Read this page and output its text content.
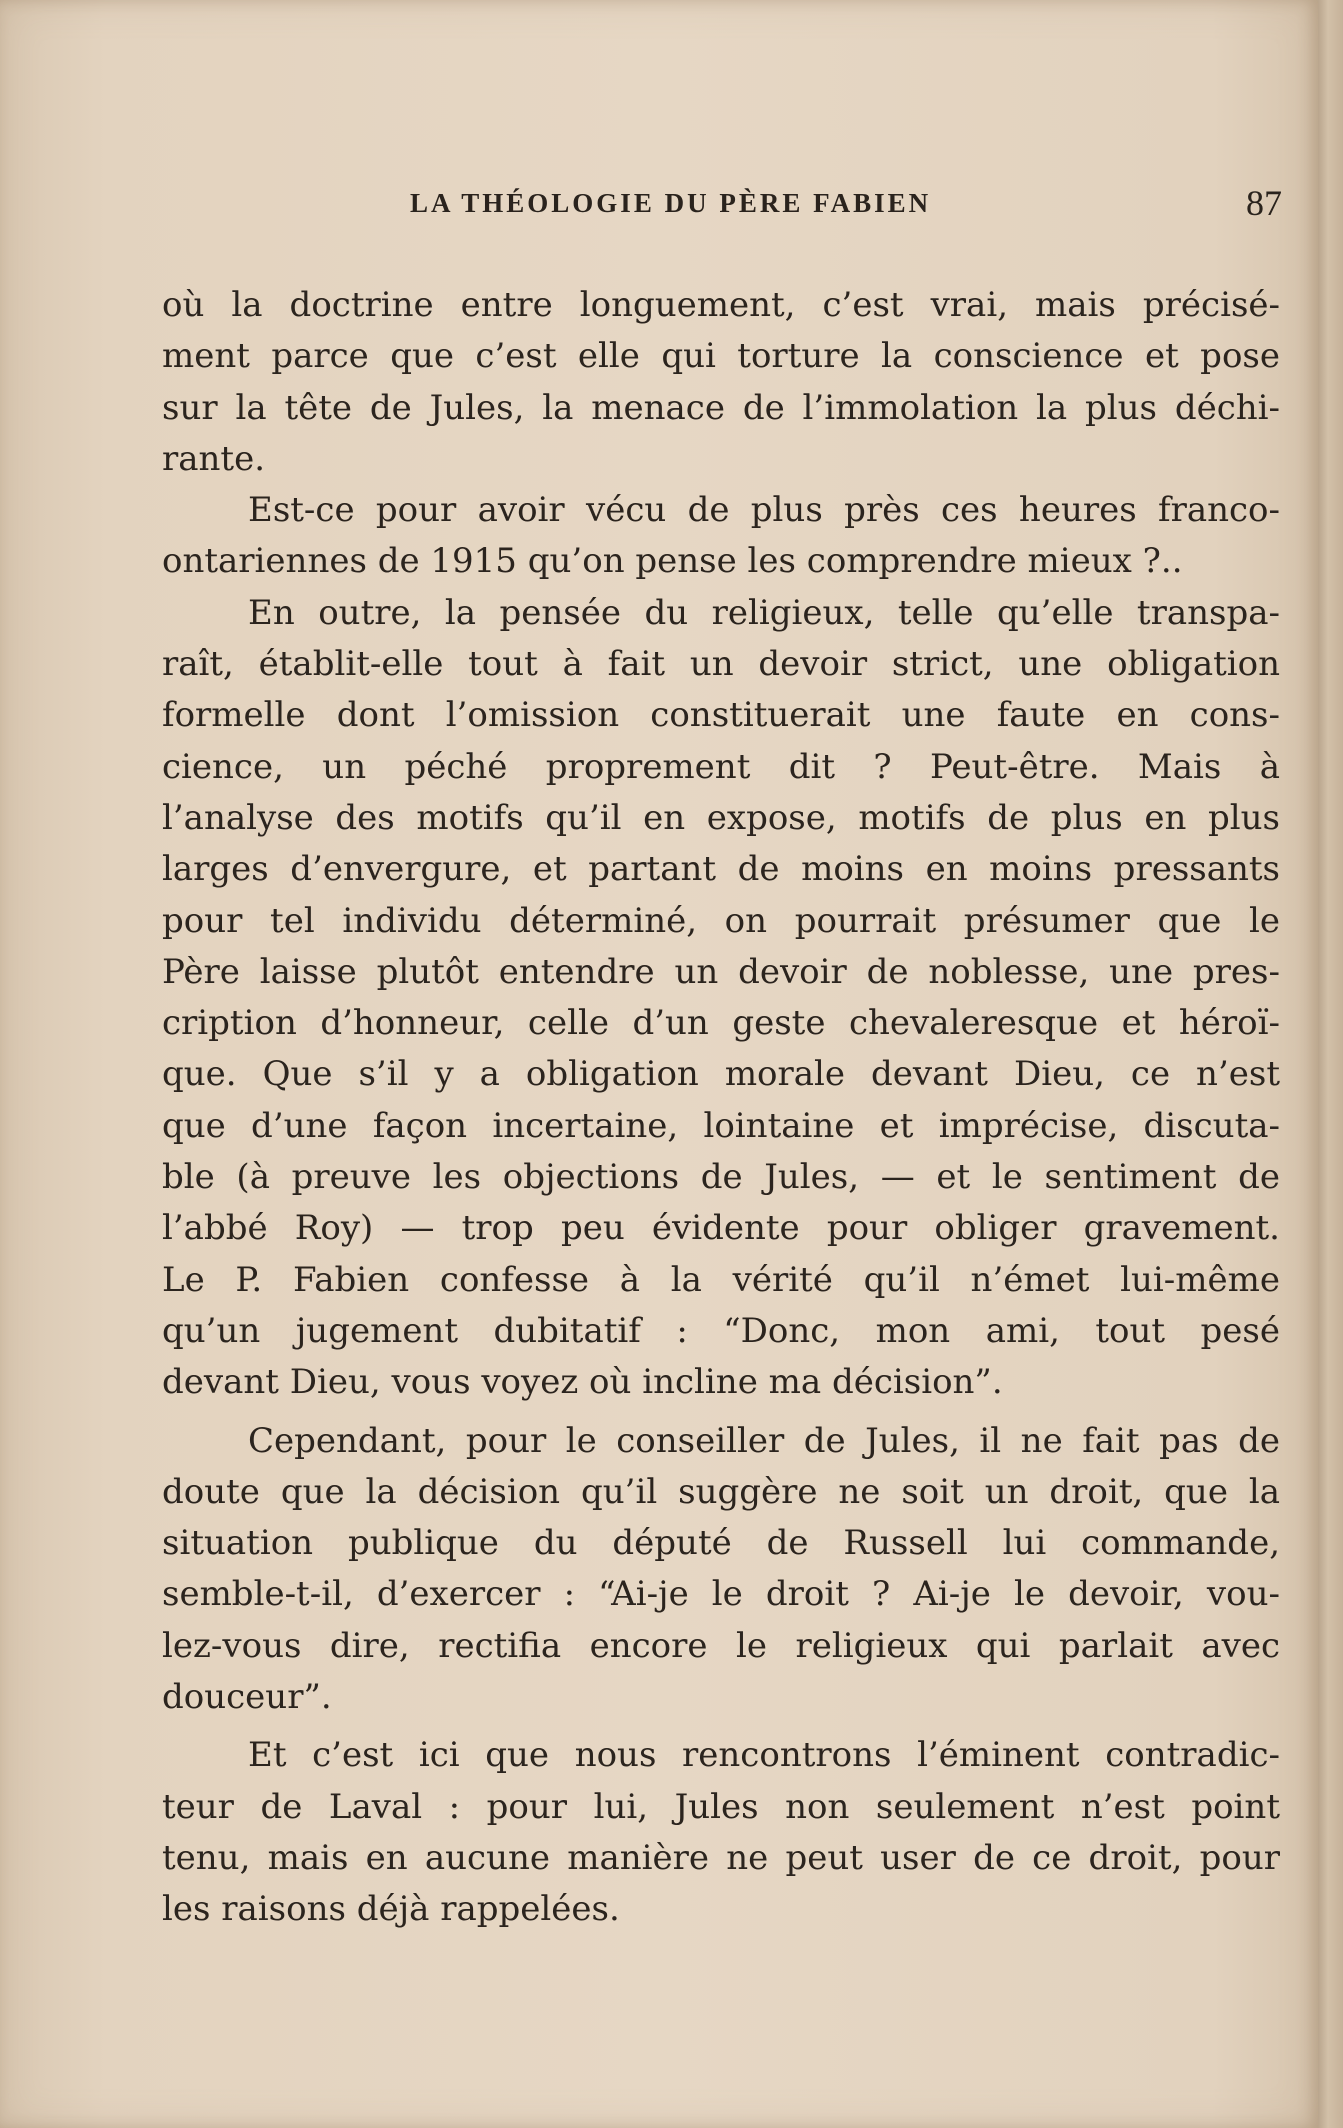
LA THÉOLOGIE DU PÈRE FABIEN	87
où la doctrine entre longuement, c’est vrai, mais précisé-
ment parce que c’est elle qui torture la conscience et pose
sur la tête de Jules, la menace de l’immolation la plus déchi-
rante.
Est-ce pour avoir vécu de plus près ces heures franco-
ontariennes de 1915 qu’on pense les comprendre mieux ?..
En outre, la pensée du religieux, telle qu’elle transpa-
raît, établit-elle tout à fait un devoir strict, une obligation
formelle dont l’omission constituerait une faute en cons-
cience, un péché proprement dit ? Peut-être. Mais à
l’analyse des motifs qu’il en expose, motifs de plus en plus
larges d’envergure, et partant de moins en moins pressants
pour tel individu déterminé, on pourrait présumer que le
Père laisse plutôt entendre un devoir de noblesse, une pres-
cription d’honneur, celle d’un geste chevaleresque et héroï-
que. Que s’il y a obligation morale devant Dieu, ce n’est
que d’une façon incertaine, lointaine et imprécise, discuta-
ble (à preuve les objections de Jules, — et le sentiment de
l’abbé Roy) — trop peu évidente pour obliger gravement.
Le P. Fabien confesse à la vérité qu’il n’émet lui-même
qu’un jugement dubitatif : “Donc, mon ami, tout pesé
devant Dieu, vous voyez où incline ma décision”.
Cependant, pour le conseiller de Jules, il ne fait pas de
doute que la décision qu’il suggère ne soit un droit, que la
situation publique du député de Russell lui commande,
semble-t-il, d’exercer : “Ai-je le droit ? Ai-je le devoir, vou-
lez-vous dire, rectifia encore le religieux qui parlait avec
douceur”.
Et c’est ici que nous rencontrons l’éminent contradic-
teur de Laval : pour lui, Jules non seulement n’est point
tenu, mais en aucune manière ne peut user de ce droit, pour
les raisons déjà rappelées.
